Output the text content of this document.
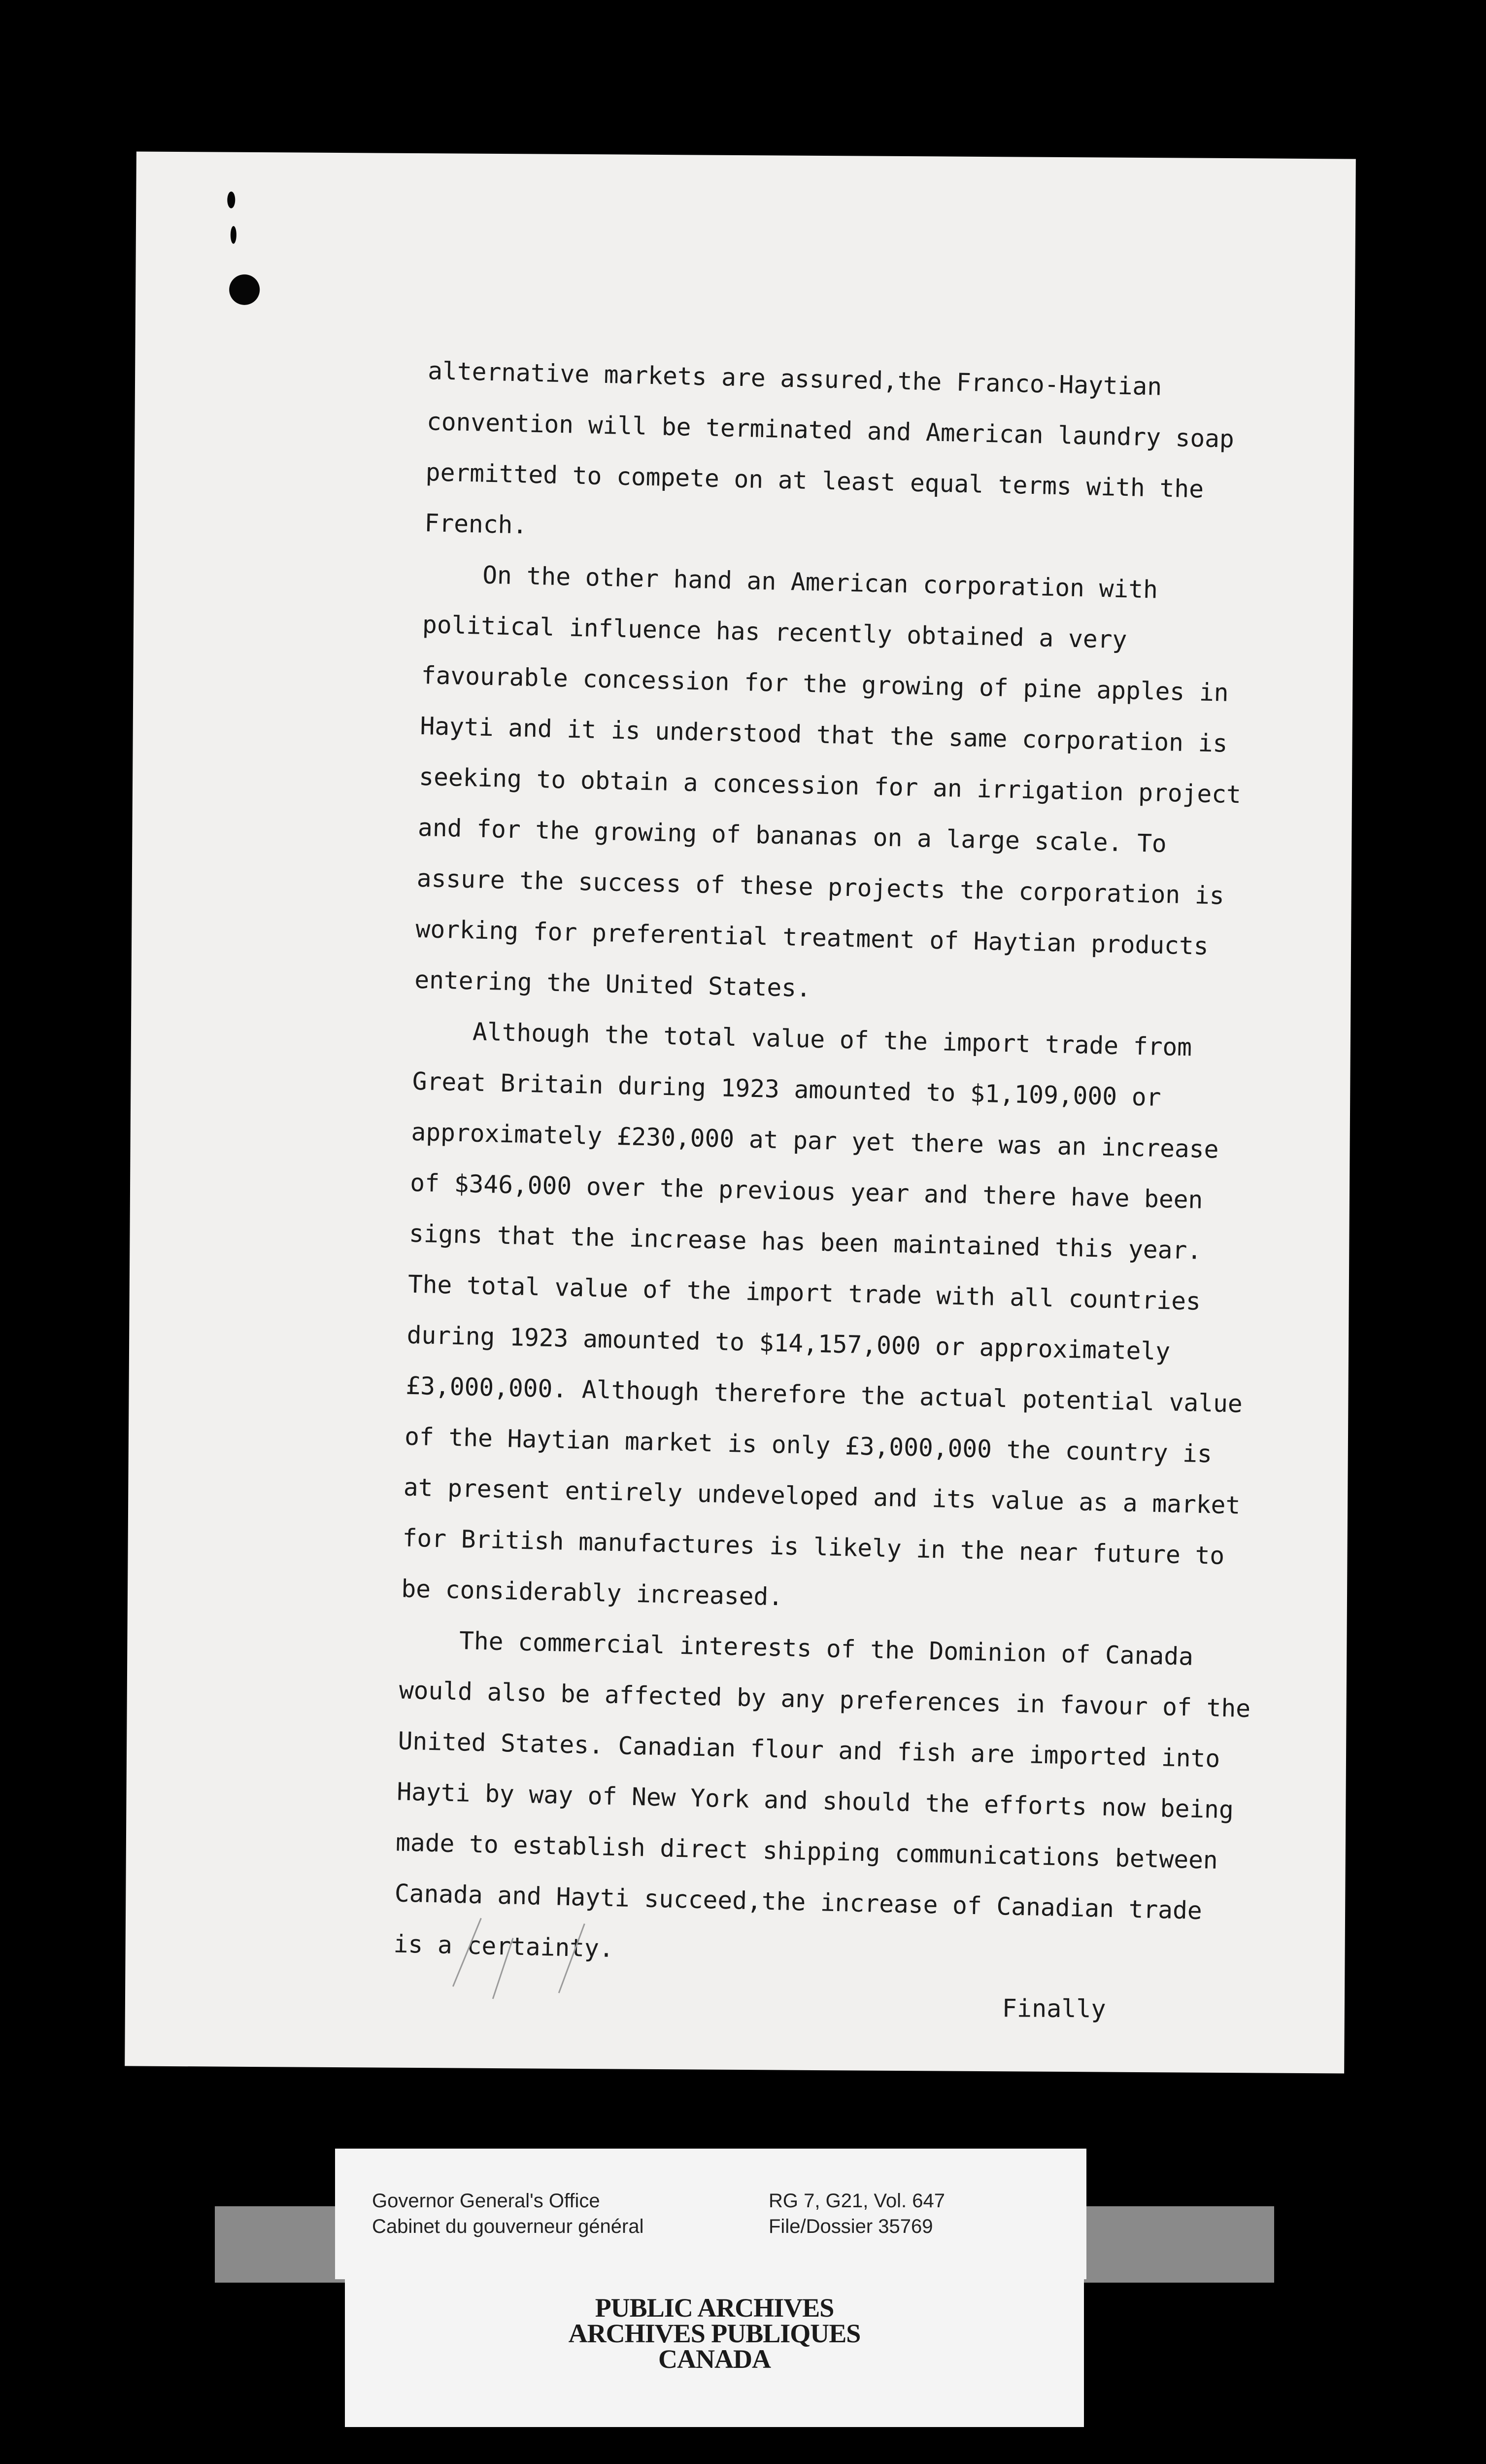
alternative markets are assured,the Franco-Haytian
convention will be terminated and American laundry soap
permitted to compete on at least equal terms with the
French.
On the other hand an American corporation with
political influence has recently obtained a very
favourable concession for the growing of pine apples in
Hayti and it is understood that the same corporation is
seeking to obtain a concession for an irrigation project
and for the growing of bananas on a large scale. To
assure the success of these projects the corporation is
working for preferential treatment of Haytian products
entering the United States.
Although the total value of the import trade from
Great Britain during 1923 amounted to $1,109,000 or
approximately £230,000 at par yet there was an increase
of $346,000 over the previous year and there have been
signs that the increase has been maintained this year.
The total value of the import trade with all countries
during 1923 amounted to $14,157,000 or approximately
£3,000,000. Although therefore the actual potential value
of the Haytian market is only £3,000,000 the country is
at present entirely undeveloped and its value as a market
for British manufactures is likely in the near future to
be considerably increased.
The commercial interests of the Dominion of Canada
would also be affected by any preferences in favour of the
United States. Canadian flour and fish are imported into
Hayti by way of New York and should the efforts now being
made to establish direct shipping communications between
Canada and Hayti succeed,the increase of Canadian trade
is a certainty.
Finally
Governor General's Office
Cabinet du gouverneur général
RG 7, G21, Vol. 647
File/Dossier 35769
PUBLIC ARCHIVES
ARCHIVES PUBLIQUES
CANADA
